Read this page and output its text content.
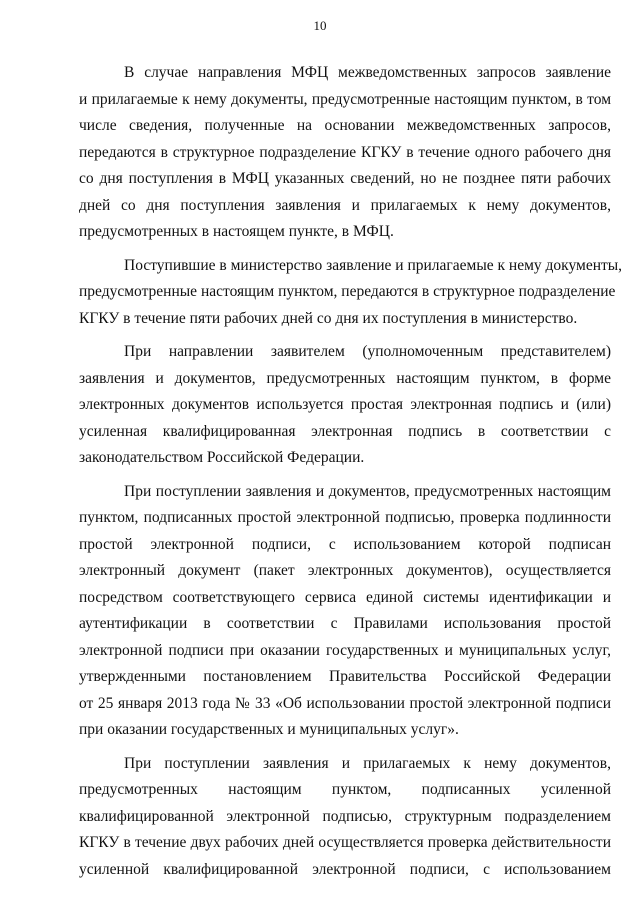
10

В случае направления МФЦ межведомственных запросов заявление
и прилагаемые к нему документы, предусмотренные настоящим пунктом, в том
числе сведения, полученные на основании межведомственных запросов,
передаются в структурное подразделение КГКУ в течение одного рабочего дня
со дня поступления в МФЦ указанных сведений, но не позднее пяти рабочих
дней со дня поступления заявления и прилагаемых к нему документов,
предусмотренных в настоящем пункте, в МФЦ.

Поступившие в министерство заявление и прилагаемые к нему документы,
предусмотренные настоящим пунктом, передаются в структурное подразделение
КГКУ в течение пяти рабочих дней со дня их поступления в министерство.

При направлении заявителем (уполномоченным представителем)
заявления и документов, предусмотренных настоящим пунктом, в форме
электронных документов используется простая электронная подпись и (или)
усиленная квалифицированная электронная подпись в соответствии с
законодательством Российской Федерации.

При поступлении заявления и документов, предусмотренных настоящим
пунктом, подписанных простой электронной подписью, проверка подлинности
простой электронной подписи, с использованием которой подписан
электронный документ (пакет электронных документов), осуществляется
посредством соответствующего сервиса единой системы идентификации и
аутентификации в соответствии с Правилами использования простой
электронной подписи при оказании государственных и муниципальных услуг,
утвержденными постановлением Правительства Российской Федерации
от 25 января 2013 года № 33 «Об использовании простой электронной подписи
при оказании государственных и муниципальных услуг».

При поступлении заявления и прилагаемых к нему документов,
предусмотренных настоящим пунктом, подписанных усиленной
квалифицированной электронной подписью, структурным подразделением
КГКУ в течение двух рабочих дней осуществляется проверка действительности
усиленной квалифицированной электронной подписи, с использованием
